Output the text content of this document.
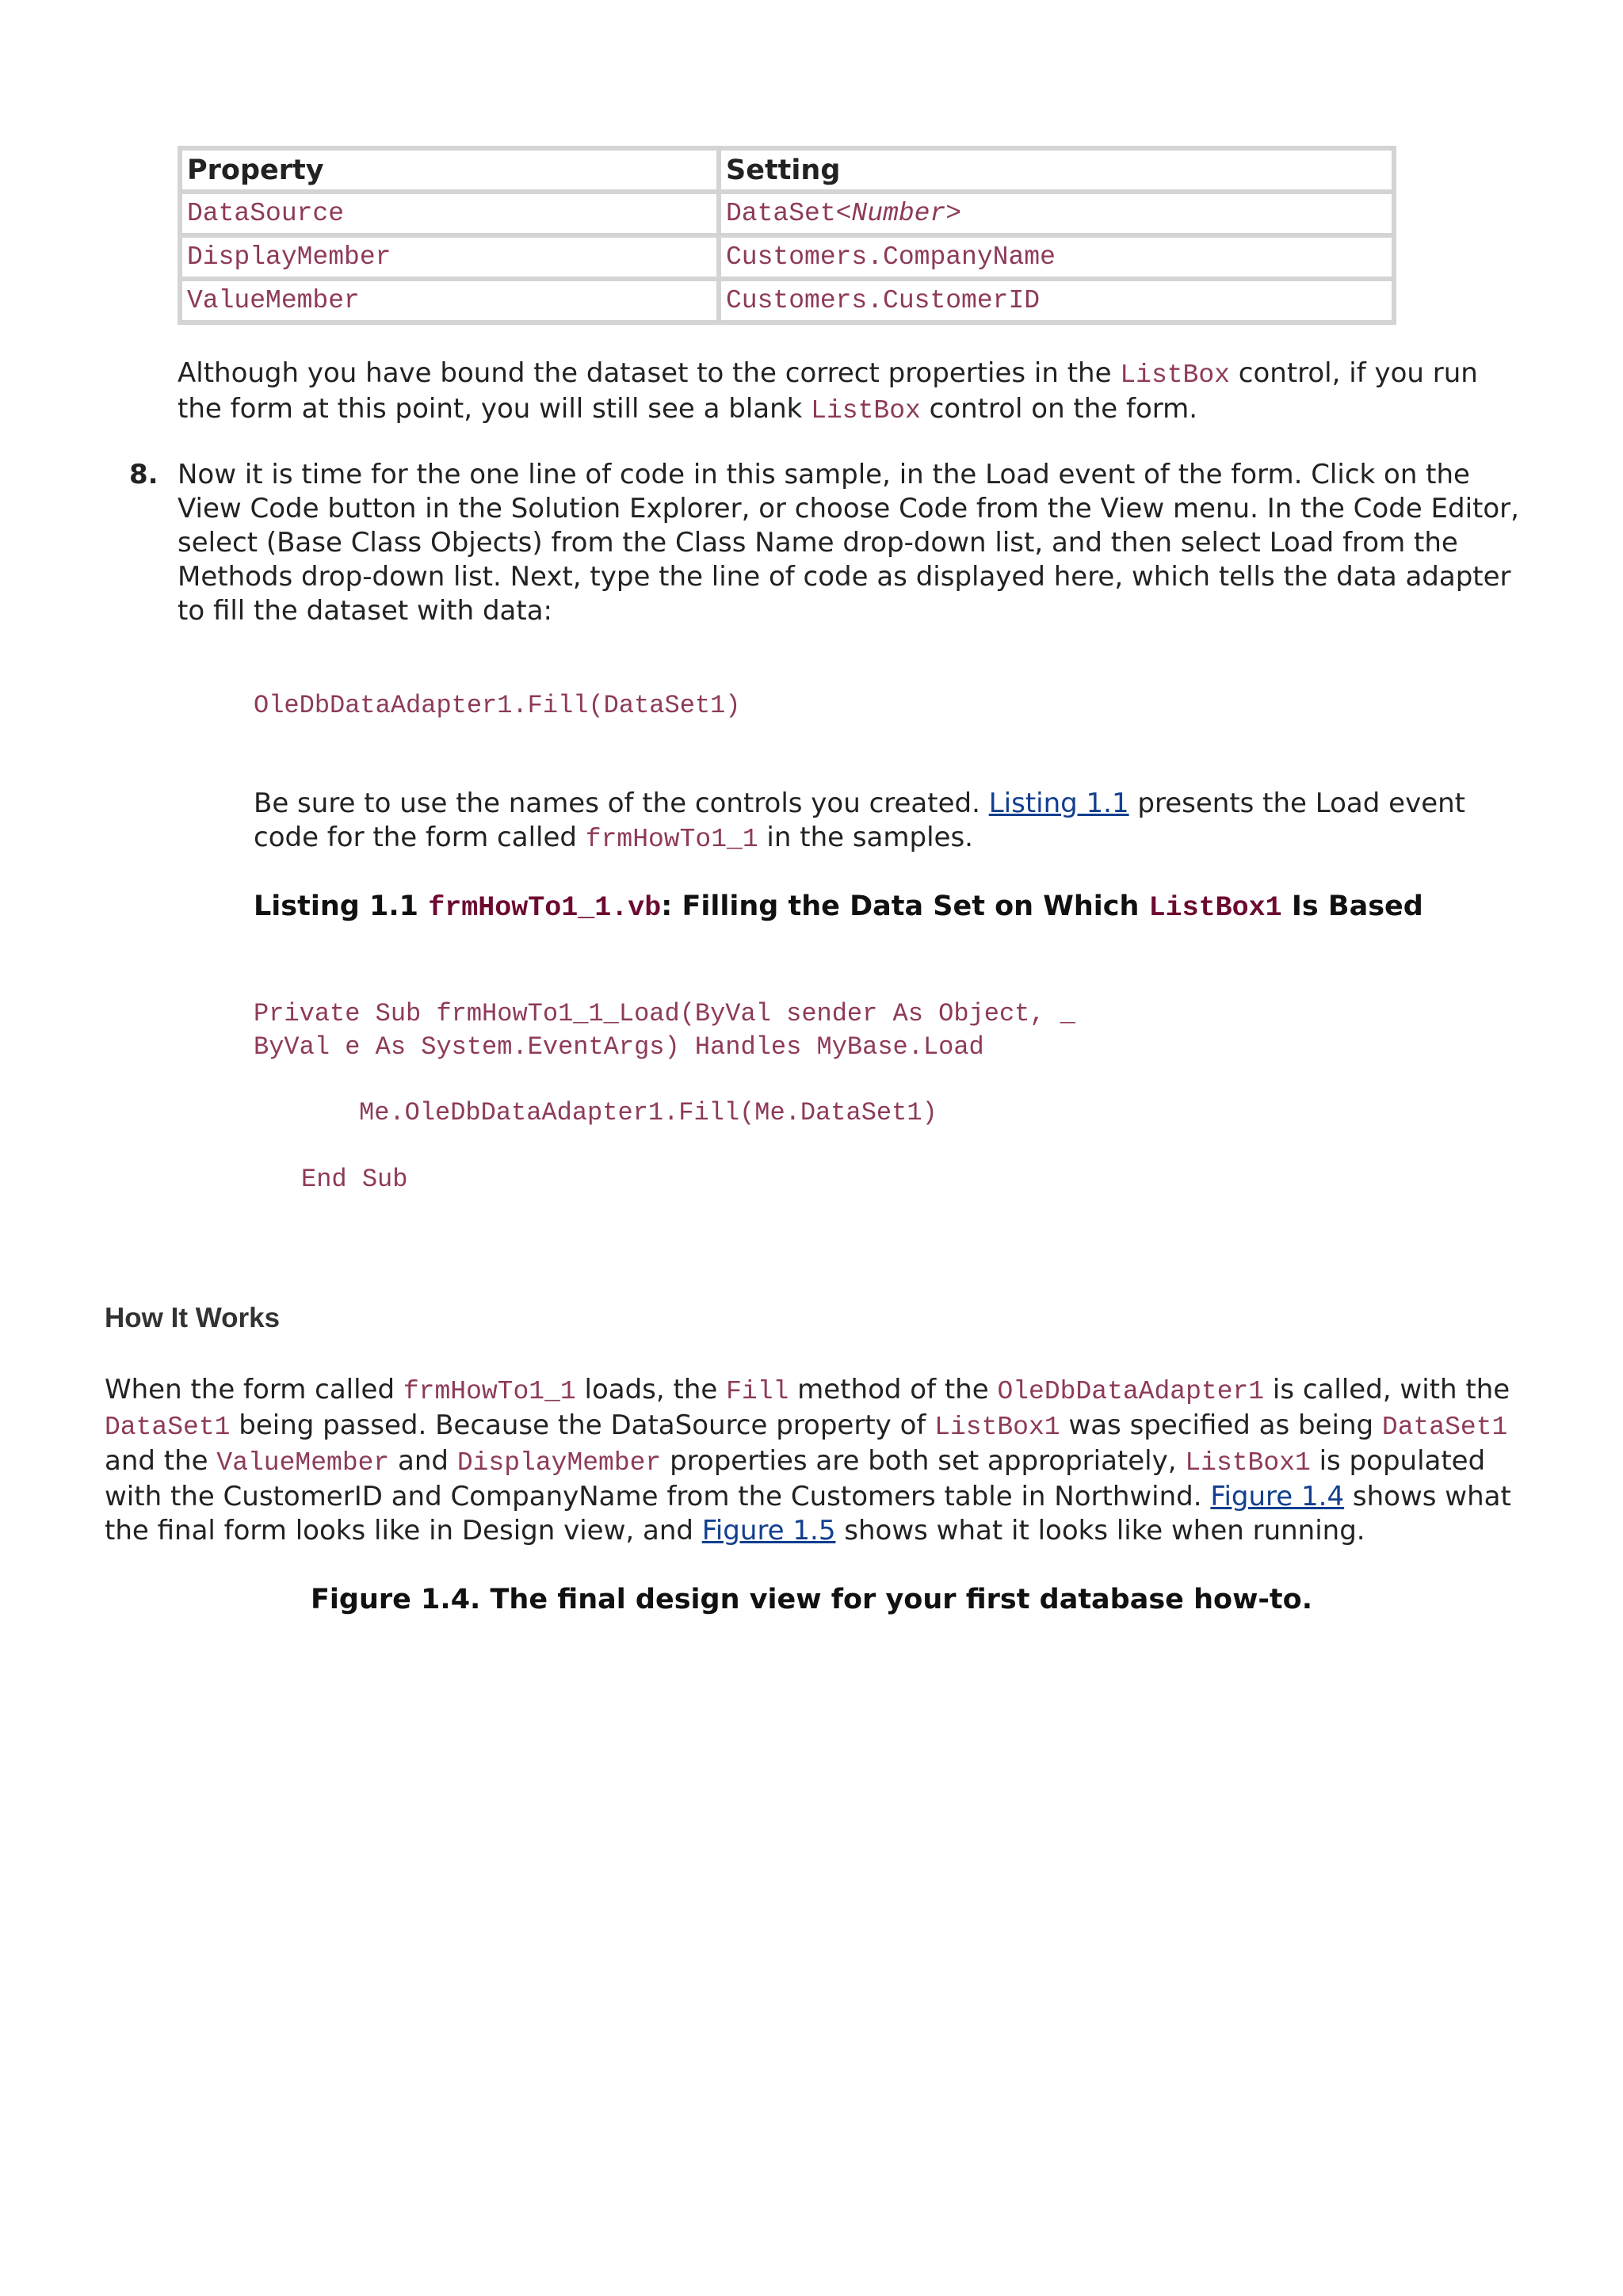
Property	Setting
DataSource	DataSet<Number>
DisplayMember	Customers.CompanyName
ValueMember	Customers.CustomerID

Although you have bound the dataset to the correct properties in the ListBox control, if you run the form at this point, you will still see a blank ListBox control on the form.

8. Now it is time for the one line of code in this sample, in the Load event of the form. Click on the View Code button in the Solution Explorer, or choose Code from the View menu. In the Code Editor, select (Base Class Objects) from the Class Name drop-down list, and then select Load from the Methods drop-down list. Next, type the line of code as displayed here, which tells the data adapter to fill the dataset with data:

OleDbDataAdapter1.Fill(DataSet1)

Be sure to use the names of the controls you created. Listing 1.1 presents the Load event code for the form called frmHowTo1_1 in the samples.

Listing 1.1 frmHowTo1_1.vb: Filling the Data Set on Which ListBox1 Is Based
Private Sub frmHowTo1_1_Load(ByVal sender As Object, _
ByVal e As System.EventArgs) Handles MyBase.Load
Me.OleDbDataAdapter1.Fill(Me.DataSet1)
End Sub
How It Works

When the form called frmHowTo1_1 loads, the Fill method of the OleDbDataAdapter1 is called, with the DataSet1 being passed. Because the DataSource property of ListBox1 was specified as being DataSet1 and the ValueMember and DisplayMember properties are both set appropriately, ListBox1 is populated with the CustomerID and CompanyName from the Customers table in Northwind. Figure 1.4 shows what the final form looks like in Design view, and Figure 1.5 shows what it looks like when running.

Figure 1.4. The final design view for your first database how-to.
